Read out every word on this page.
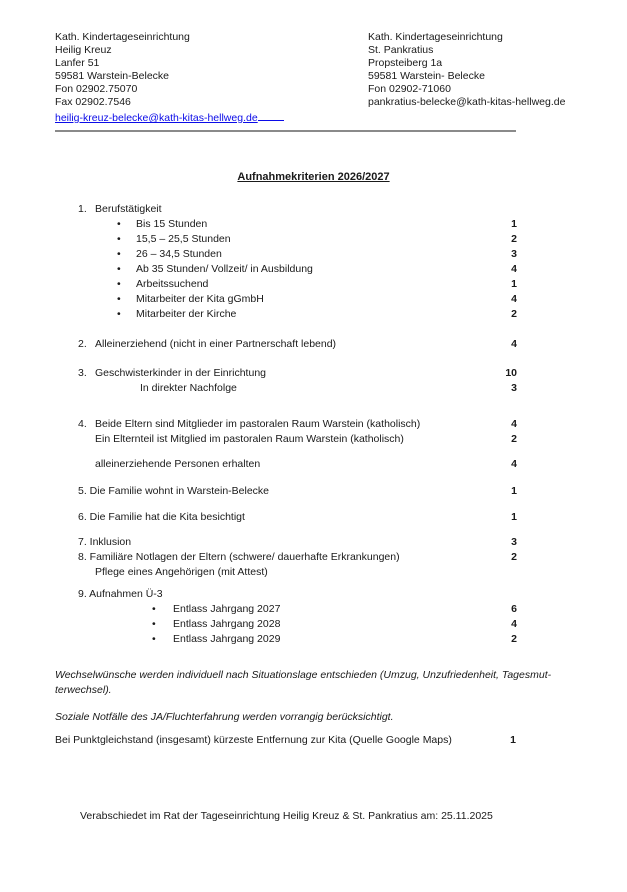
Kath. Kindertageseinrichtung
Heilig Kreuz
Lanfer 51
59581 Warstein-Belecke
Fon 02902.75070
Fax 02902.7546
heilig-kreuz-belecke@kath-kitas-hellweg.de
Kath. Kindertageseinrichtung
St. Pankratius
Propsteiberg 1a
59581 Warstein- Belecke
Fon 02902-71060
pankratius-belecke@kath-kitas-hellweg.de
Aufnahmekriterien 2026/2027
1. Berufstätigkeit
• Bis 15 Stunden	1
• 15,5 – 25,5 Stunden	2
• 26 – 34,5 Stunden	3
• Ab 35 Stunden/ Vollzeit/ in Ausbildung	4
• Arbeitssuchend	1
• Mitarbeiter der Kita gGmbH	4
• Mitarbeiter der Kirche	2
2. Alleinerziehend (nicht in einer Partnerschaft lebend)	4
3. Geschwisterkinder in der Einrichtung	10
In direkter Nachfolge	3
4. Beide Eltern sind Mitglieder im pastoralen Raum Warstein (katholisch)	4
Ein Elternteil ist Mitglied im pastoralen Raum Warstein (katholisch)	2
alleinerziehende Personen erhalten	4
5. Die Familie wohnt in Warstein-Belecke	1
6. Die Familie hat die Kita besichtigt	1
7. Inklusion	3
8. Familiäre Notlagen der Eltern (schwere/ dauerhafte Erkrankungen)	2
Pflege eines Angehörigen (mit Attest)
9. Aufnahmen Ü-3
• Entlass Jahrgang 2027	6
• Entlass Jahrgang 2028	4
• Entlass Jahrgang 2029	2
Wechselwünsche werden individuell nach Situationslage entschieden (Umzug, Unzufriedenheit, Tagesmut-
terwechsel).
Soziale Notfälle des JA/Fluchterfahrung werden vorrangig berücksichtigt.
Bei Punktgleichstand (insgesamt) kürzeste Entfernung zur Kita (Quelle Google Maps)	1
Verabschiedet im Rat der Tageseinrichtung Heilig Kreuz & St. Pankratius am: 25.11.2025
